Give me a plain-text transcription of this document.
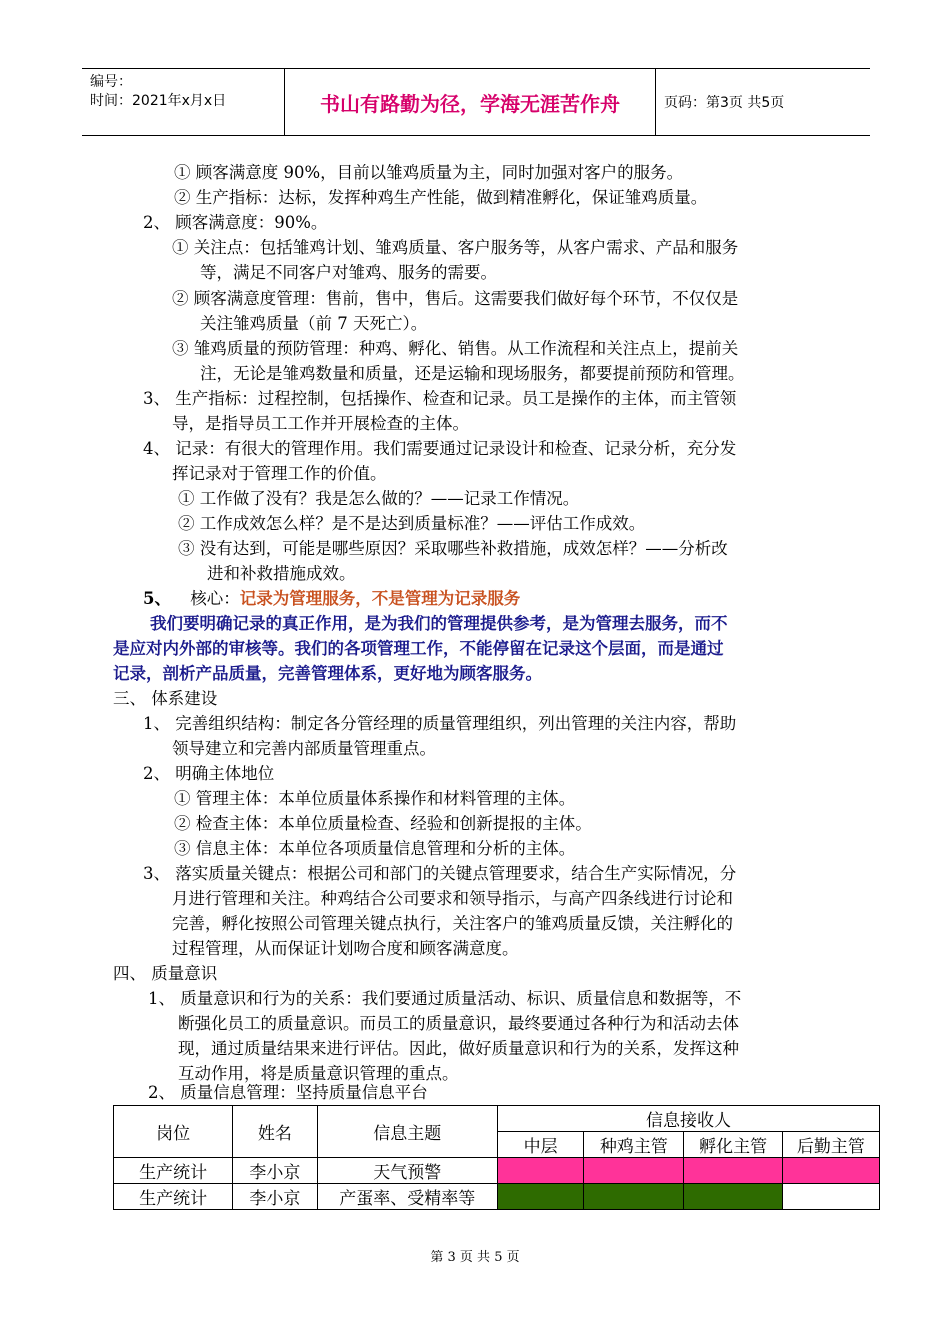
编号：
时间：2021年x月x日	书山有路勤为径，学海无涯苦作舟	页码：第3页 共5页
① 顾客满意度 90%，目前以雏鸡质量为主，同时加强对客户的服务。
② 生产指标：达标，发挥种鸡生产性能，做到精准孵化，保证雏鸡质量。
2、 顾客满意度：90%。
① 关注点：包括雏鸡计划、雏鸡质量、客户服务等，从客户需求、产品和服务
等，满足不同客户对雏鸡、服务的需要。
② 顾客满意度管理：售前，售中，售后。这需要我们做好每个环节，不仅仅是
关注雏鸡质量（前 7 天死亡）。
③ 雏鸡质量的预防管理：种鸡、孵化、销售。从工作流程和关注点上，提前关
注，无论是雏鸡数量和质量，还是运输和现场服务，都要提前预防和管理。
3、 生产指标：过程控制，包括操作、检查和记录。员工是操作的主体，而主管领
导，是指导员工工作并开展检查的主体。
4、 记录：有很大的管理作用。我们需要通过记录设计和检查、记录分析，充分发
挥记录对于管理工作的价值。
① 工作做了没有？我是怎么做的？——记录工作情况。
② 工作成效怎么样？是不是达到质量标准？——评估工作成效。
③ 没有达到，可能是哪些原因？采取哪些补救措施，成效怎样？——分析改
进和补救措施成效。
5、 核心：记录为管理服务，不是管理为记录服务
我们要明确记录的真正作用，是为我们的管理提供参考，是为管理去服务，而不
是应对内外部的审核等。我们的各项管理工作，不能停留在记录这个层面，而是通过
记录，剖析产品质量，完善管理体系，更好地为顾客服务。
三、 体系建设
1、 完善组织结构：制定各分管经理的质量管理组织，列出管理的关注内容，帮助
领导建立和完善内部质量管理重点。
2、 明确主体地位
① 管理主体：本单位质量体系操作和材料管理的主体。
② 检查主体：本单位质量检查、经验和创新提报的主体。
③ 信息主体：本单位各项质量信息管理和分析的主体。
3、 落实质量关键点：根据公司和部门的关键点管理要求，结合生产实际情况，分
月进行管理和关注。种鸡结合公司要求和领导指示，与高产四条线进行讨论和
完善，孵化按照公司管理关键点执行，关注客户的雏鸡质量反馈，关注孵化的
过程管理，从而保证计划吻合度和顾客满意度。
四、 质量意识
1、 质量意识和行为的关系：我们要通过质量活动、标识、质量信息和数据等，不
断强化员工的质量意识。而员工的质量意识，最终要通过各种行为和活动去体
现，通过质量结果来进行评估。因此，做好质量意识和行为的关系，发挥这种
互动作用，将是质量意识管理的重点。
2、 质量信息管理：坚持质量信息平台
岗位	姓名	信息主题	信息接收人			
			中层	种鸡主管	孵化主管	后勤主管
生产统计	李小京	天气预警				
生产统计	李小京	产蛋率、受精率等				
第 3 页 共 5 页
